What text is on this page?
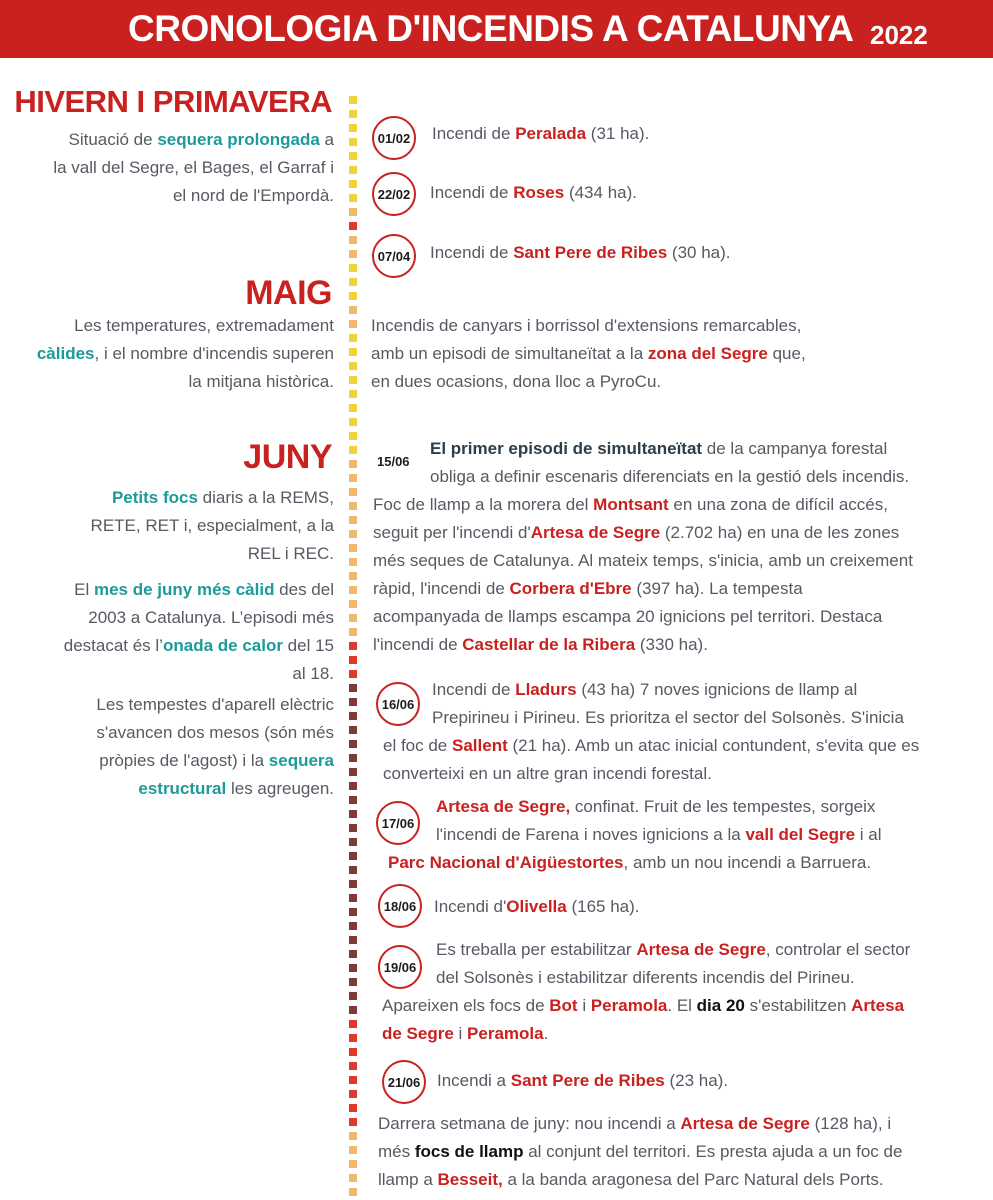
CRONOLOGIA D'INCENDIS A CATALUNYA 2022
HIVERN I PRIMAVERA
Situació de sequera prolongada a
la vall del Segre, el Bages, el Garraf i
el nord de l'Empordà.
01/02	Incendi de Peralada (31 ha).
22/02	Incendi de Roses (434 ha).
07/04	Incendi de Sant Pere de Ribes (30 ha).
MAIG
Les temperatures, extremadament
càlides, i el nombre d'incendis superen
la mitjana històrica.
Incendis de canyars i borrissol d'extensions remarcables,
amb un episodi de simultaneïtat a la zona del Segre que,
en dues ocasions, dona lloc a PyroCu.
JUNY
Petits focs diaris a la REMS,
RETE, RET i, especialment, a la
REL i REC.
El mes de juny més càlid des del
2003 a Catalunya. L’episodi més
destacat és l’onada de calor del 15
al 18.
Les tempestes d'aparell elèctric
s'avancen dos mesos (són més
pròpies de l'agost) i la sequera
estructural les agreugen.
15/06
El primer episodi de simultaneïtat de la campanya forestal
obliga a definir escenaris diferenciats en la gestió dels incendis.
Foc de llamp a la morera del Montsant en una zona de difícil accés,
seguit per l'incendi d'Artesa de Segre (2.702 ha) en una de les zones
més seques de Catalunya. Al mateix temps, s'inicia, amb un creixement
ràpid, l'incendi de Corbera d'Ebre (397 ha). La tempesta
acompanyada de llamps escampa 20 ignicions pel territori. Destaca
l'incendi de Castellar de la Ribera (330 ha).
16/06
Incendi de Lladurs (43 ha) 7 noves ignicions de llamp al
Prepirineu i Pirineu. Es prioritza el sector del Solsonès. S'inicia
el foc de Sallent (21 ha). Amb un atac inicial contundent, s'evita que es
converteixi en un altre gran incendi forestal.
17/06
Artesa de Segre, confinat. Fruit de les tempestes, sorgeix
l'incendi de Farena i noves ignicions a la vall del Segre i al
Parc Nacional d'Aigüestortes, amb un nou incendi a Barruera.
18/06	Incendi d'Olivella (165 ha).
19/06
Es treballa per estabilitzar Artesa de Segre, controlar el sector
del Solsonès i estabilitzar diferents incendis del Pirineu.
Apareixen els focs de Bot i Peramola. El dia 20 s'estabilitzen Artesa
de Segre i Peramola.
21/06 Incendi a Sant Pere de Ribes (23 ha).
Darrera setmana de juny: nou incendi a Artesa de Segre (128 ha), i
més focs de llamp al conjunt del territori. Es presta ajuda a un foc de
llamp a Besseit, a la banda aragonesa del Parc Natural dels Ports.
